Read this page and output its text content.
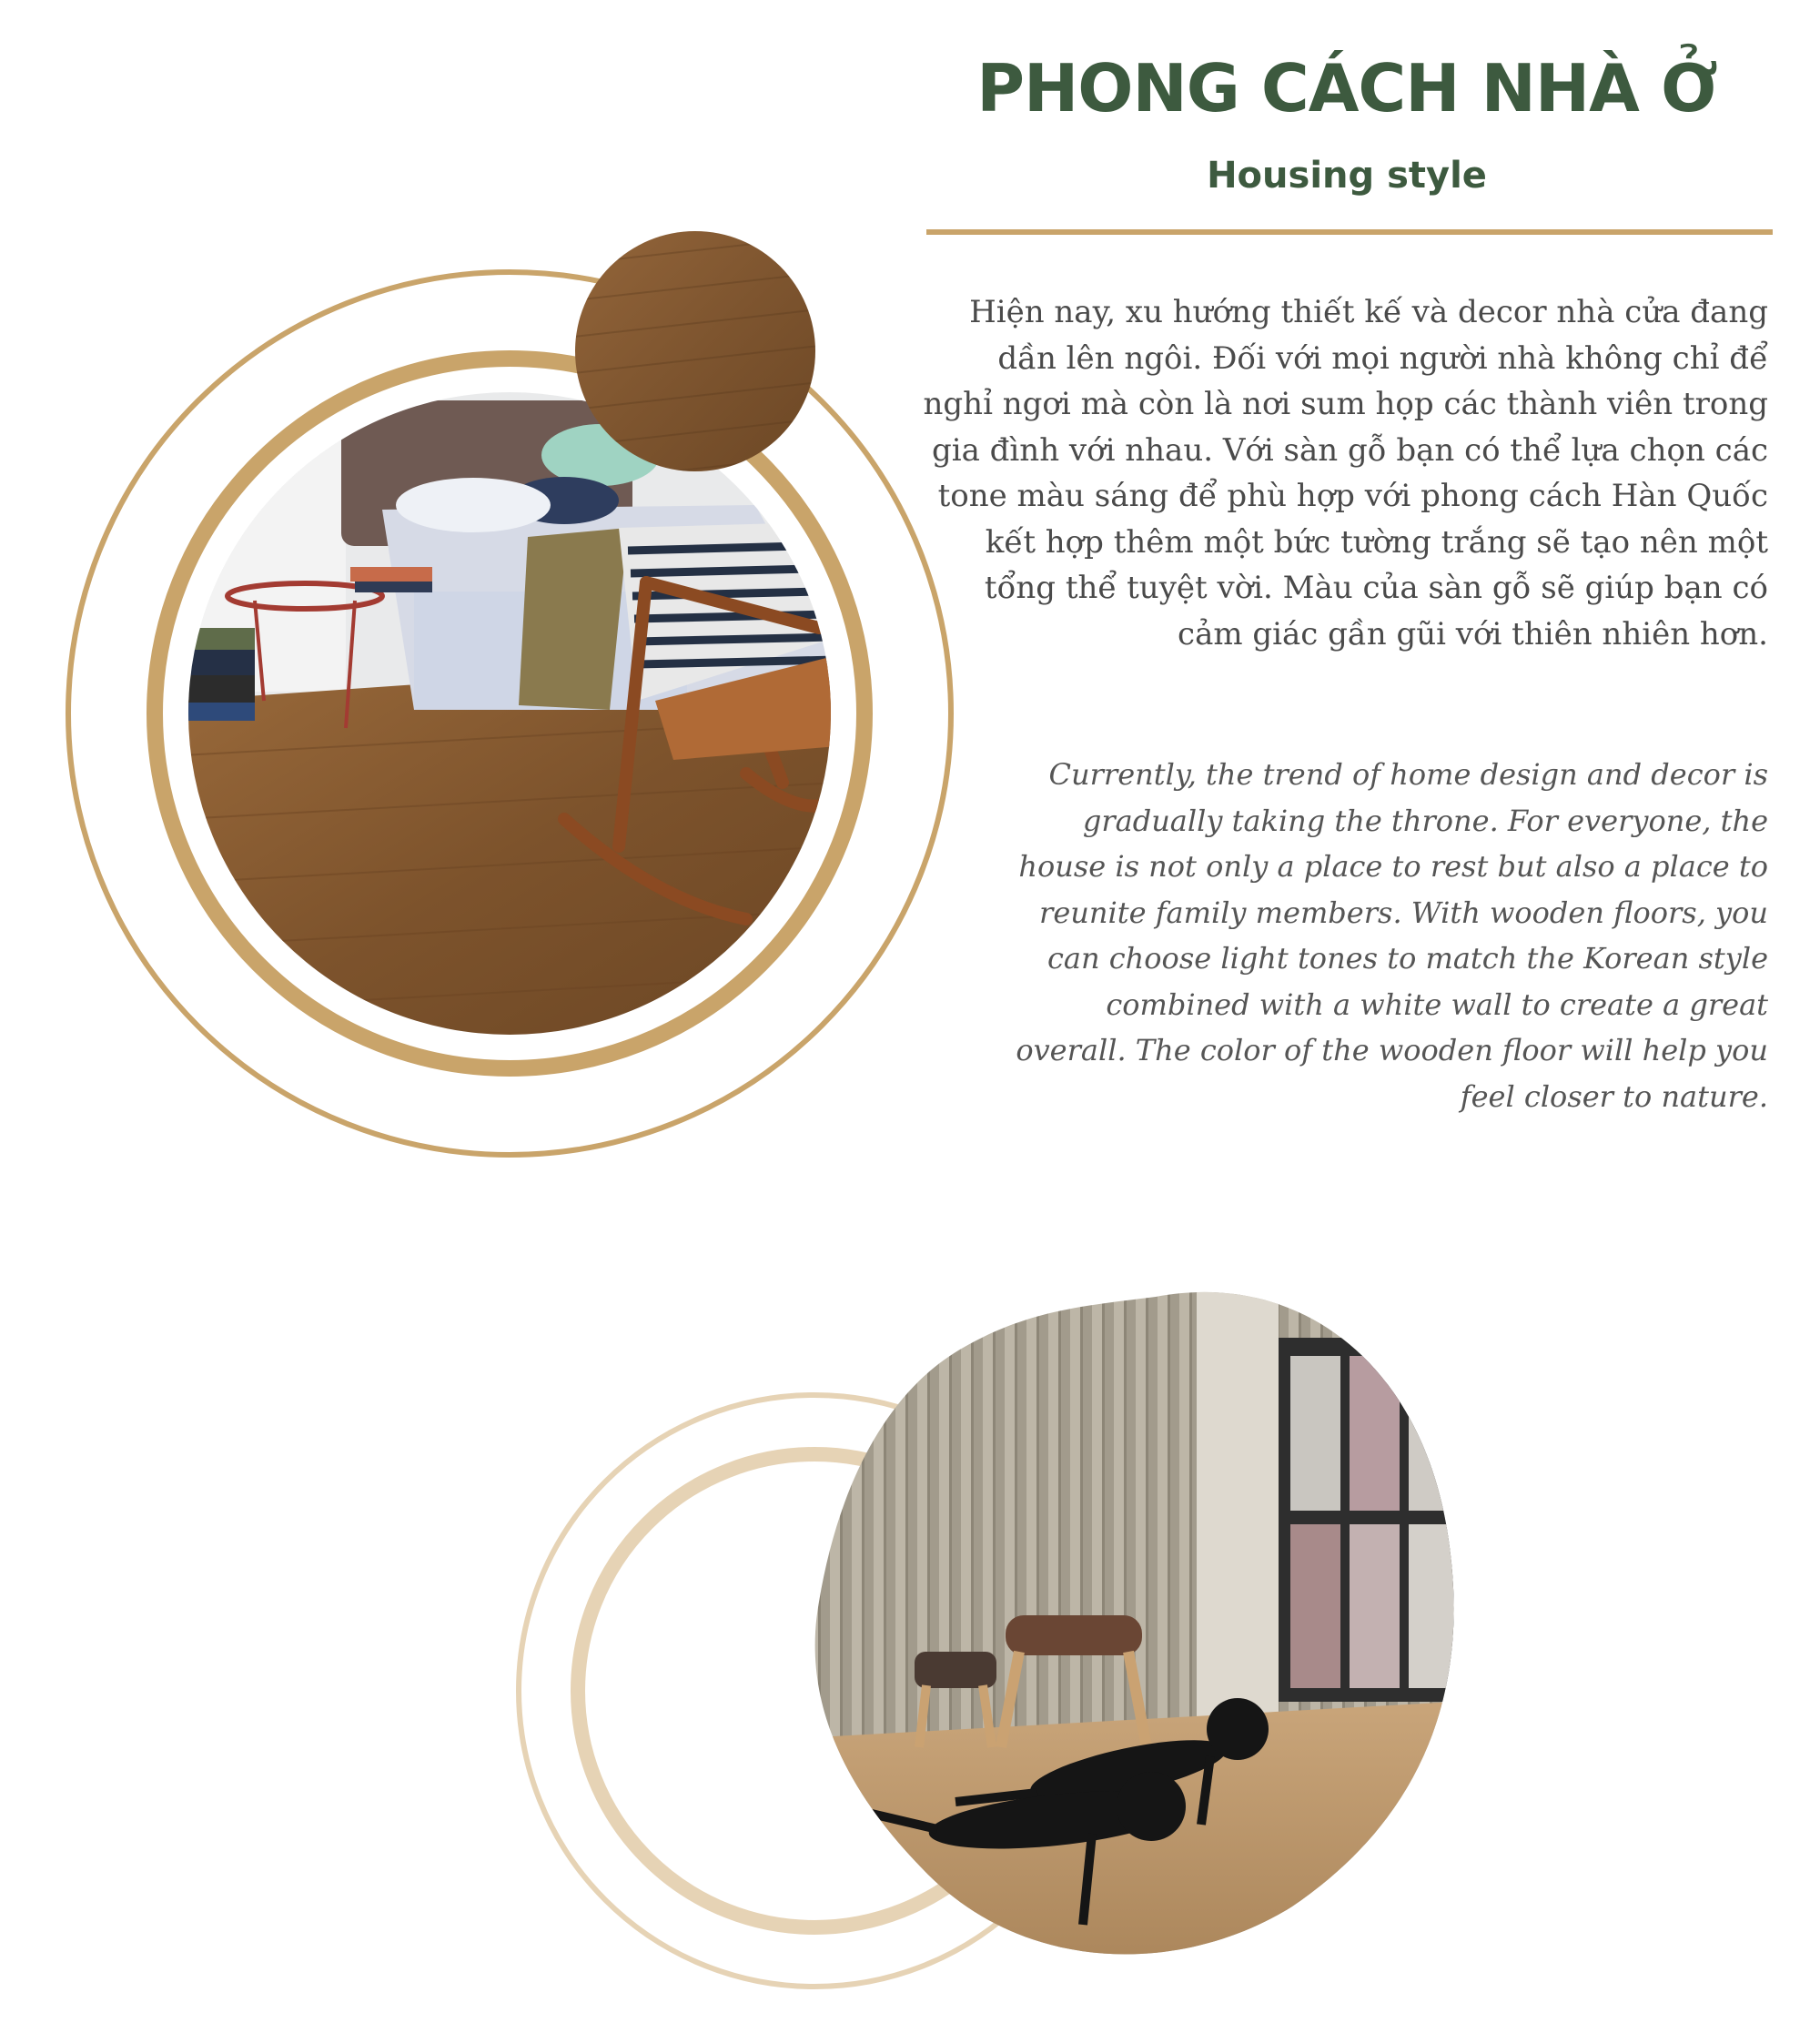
PHONG CÁCH NHÀ Ở
Housing style

Hiện nay, xu hướng thiết kế và decor nhà cửa đang dần lên ngôi. Đối với mọi người nhà không chỉ để nghỉ ngơi mà còn là nơi sum họp các thành viên trong gia đình với nhau. Với sàn gỗ bạn có thể lựa chọn các tone màu sáng để phù hợp với phong cách Hàn Quốc kết hợp thêm một bức tường trắng sẽ tạo nên một tổng thể tuyệt vời. Màu của sàn gỗ sẽ giúp bạn có cảm giác gần gũi với thiên nhiên hơn.

Currently, the trend of home design and decor is gradually taking the throne. For everyone, the house is not only a place to rest but also a place to reunite family members. With wooden floors, you can choose light tones to match the Korean style combined with a white wall to create a great overall. The color of the wooden floor will help you feel closer to nature.
